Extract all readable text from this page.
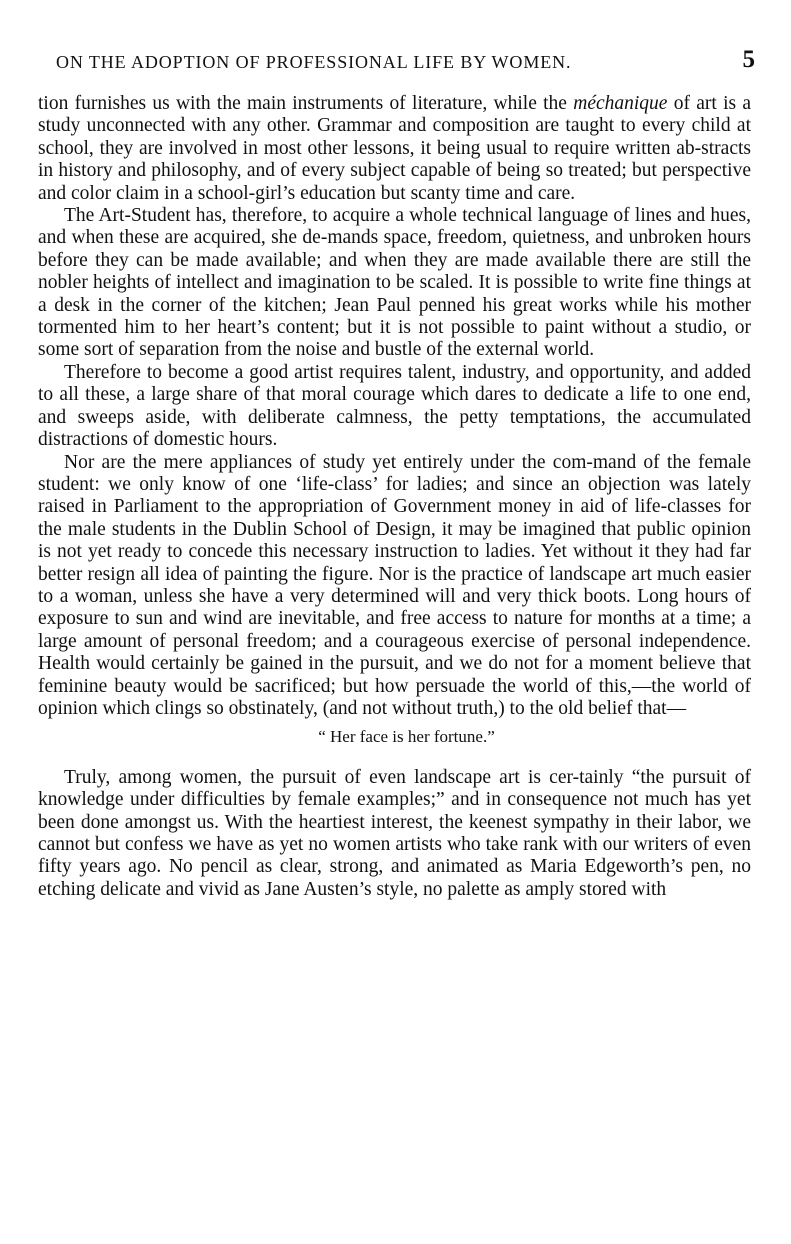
ON THE ADOPTION OF PROFESSIONAL LIFE BY WOMEN.	5

tion furnishes us with the main instruments of literature, while the méchanique of art is a study unconnected with any other. Grammar and composition are taught to every child at school, they are involved in most other lessons, it being usual to require written ab-stracts in history and philosophy, and of every subject capable of being so treated; but perspective and color claim in a school-girl’s education but scanty time and care.

The Art-Student has, therefore, to acquire a whole technical language of lines and hues, and when these are acquired, she de-mands space, freedom, quietness, and unbroken hours before they can be made available; and when they are made available there are still the nobler heights of intellect and imagination to be scaled. It is possible to write fine things at a desk in the corner of the kitchen; Jean Paul penned his great works while his mother tormented him to her heart’s content; but it is not possible to paint without a studio, or some sort of separation from the noise and bustle of the external world.

Therefore to become a good artist requires talent, industry, and opportunity, and added to all these, a large share of that moral courage which dares to dedicate a life to one end, and sweeps aside, with deliberate calmness, the petty temptations, the accumulated distractions of domestic hours.

Nor are the mere appliances of study yet entirely under the com-mand of the female student: we only know of one ‘life-class’ for ladies; and since an objection was lately raised in Parliament to the appropriation of Government money in aid of life-classes for the male students in the Dublin School of Design, it may be imagined that public opinion is not yet ready to concede this necessary instruction to ladies. Yet without it they had far better resign all idea of painting the figure. Nor is the practice of landscape art much easier to a woman, unless she have a very determined will and very thick boots. Long hours of exposure to sun and wind are inevitable, and free access to nature for months at a time; a large amount of personal freedom; and a courageous exercise of personal independence. Health would certainly be gained in the pursuit, and we do not for a moment believe that feminine beauty would be sacrificed; but how persuade the world of this,—the world of opinion which clings so obstinately, (and not without truth,) to the old belief that—

“ Her face is her fortune.”

Truly, among women, the pursuit of even landscape art is cer-tainly “the pursuit of knowledge under difficulties by female examples;” and in consequence not much has yet been done amongst us. With the heartiest interest, the keenest sympathy in their labor, we cannot but confess we have as yet no women artists who take rank with our writers of even fifty years ago. No pencil as clear, strong, and animated as Maria Edgeworth’s pen, no etching delicate and vivid as Jane Austen’s style, no palette as amply stored with
